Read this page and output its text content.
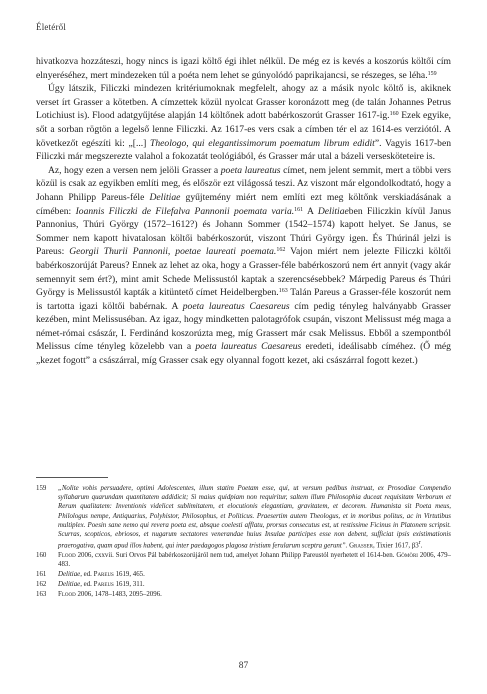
Életéről

hivatkozva hozzáteszi, hogy nincs is igazi költő égi ihlet nélkül. De még ez is kevés a koszorús költői cím elnyeréséhez, mert mindezeken túl a poéta nem lehet se gúnyolódó paprikajancsi, se részeges, se léha.$^{159}$

Úgy látszik, Filiczki mindezen kritériumoknak megfelelt, ahogy az a másik nyolc költő is, akiknek verset írt Grasser a kötetben. A címzettek közül nyolcat Grasser koronázott meg (de talán Johannes Petrus Lotichiust is). Flood adatgyűjtése alapján 14 költőnek adott babérkoszorút Grasser 1617-ig.$^{160}$ Ezek egyike, sőt a sorban rögtön a legelső lenne Filiczki. Az 1617-es vers csak a címben tér el az 1614-es verziótól. A következőt egészíti ki: „[...] Theologo, qui elegantissimorum poematum librum edidit”. Vagyis 1617-ben Filiczki már megszerezte valahol a fokozatát teológiából, és Grasser már utal a bázeli versesköteteire is.

Az, hogy ezen a versen nem jelöli Grasser a poeta laureatus címet, nem jelent semmit, mert a többi vers közül is csak az egyikben említi meg, és először ezt világossá teszi. Az viszont már elgondolkodtató, hogy a Johann Philipp Pareus-féle Delitiae gyűjtemény miért nem említi ezt meg költőnk verskiadásának a címében: Ioannis Filiczki de Filefalva Pannonii poemata varia.$^{161}$ A Delitiaeben Filiczkin kívül Janus Pannonius, Thúri György (1572–1612?) és Johann Sommer (1542–1574) kapott helyet. Se Janus, se Sommer nem kapott hivatalosan költői babérkoszorút, viszont Thúri György igen. És Thúrinál jelzi is Pareus: Georgii Thurii Pannonii, poetae laureati poemata.$^{162}$ Vajon miért nem jelezte Filiczki költői babérkoszorúját Pareus? Ennek az lehet az oka, hogy a Grasser-féle babérkoszorú nem ért annyit (vagy akár semennyit sem ért?), mint amit Schede Melissustól kaptak a szerencsésebbek? Márpedig Pareus és Thúri György is Melissustól kapták a kitüntető címet Heidelbergben.$^{163}$ Talán Pareus a Grasser-féle koszorút nem is tartotta igazi költői babérnak. A poeta laureatus Caesareus cím pedig tényleg halványabb Grasser kezében, mint Melissuséban. Az igaz, hogy mindketten palotagrófok csupán, viszont Melissust még maga a német-római császár, I. Ferdinánd koszorúzta meg, míg Grassert már csak Melissus. Ebből a szempontból Melissus címe tényleg közelebb van a poeta laureatus Caesareus eredeti, ideálisabb címéhez. (Ő még „kezet fogott” a császárral, míg Grasser csak egy olyannal fogott kezet, aki császárral fogott kezet.)

159 „Nolite vobis persuadere, optimi Adolescentes, illum statim Poetam esse, qui, ut versum pedibus instruat, ex Prosodiae Compendio syllabarum quarundam quantitatem addidicit; Si maius quidpiam non requiritur, saltem illum Philosophia duceat requisitam Verborum et Rerum qualitatem: Inventionis videlicet sublimitatem, et elocutionis elegantiam, gravitatem, et decorem. Humanista sit Poeta meus, Philologus nempe, Antiquarius, Polyhistor, Philosophus, et Politicus. Praesertim autem Theologus, et in moribus politus, ac in Virtutibus multiplex. Poesin sane nemo qui revera poeta est, absque coelesti afflatu, prorsus consecutus est, ut restissime Ficinus in Platonem scripsit. Scurras, scopticos, ebriosos, et nugarum sectatores venerandae huius Insulae participes esse non debent, sufficiat ipsis existimationis praerogativa, quam apud illos habent, qui inter paedagogos plagosa tristium ferularum sceptra gerunt”. Grasser, Tixier 1617, β3$^r$.
160 Flood 2006, cxxvii. Suri Orvos Pál babérkoszorújáról nem tud, amelyet Johann Philipp Pareustól nyerhetett el 1614-ben. Gömöri 2006, 479–483.
161 Delitiae, ed. Pareus 1619, 465.
162 Delitiae, ed. Pareus 1619, 311.
163 Flood 2006, 1478–1483, 2095–2096.
87
